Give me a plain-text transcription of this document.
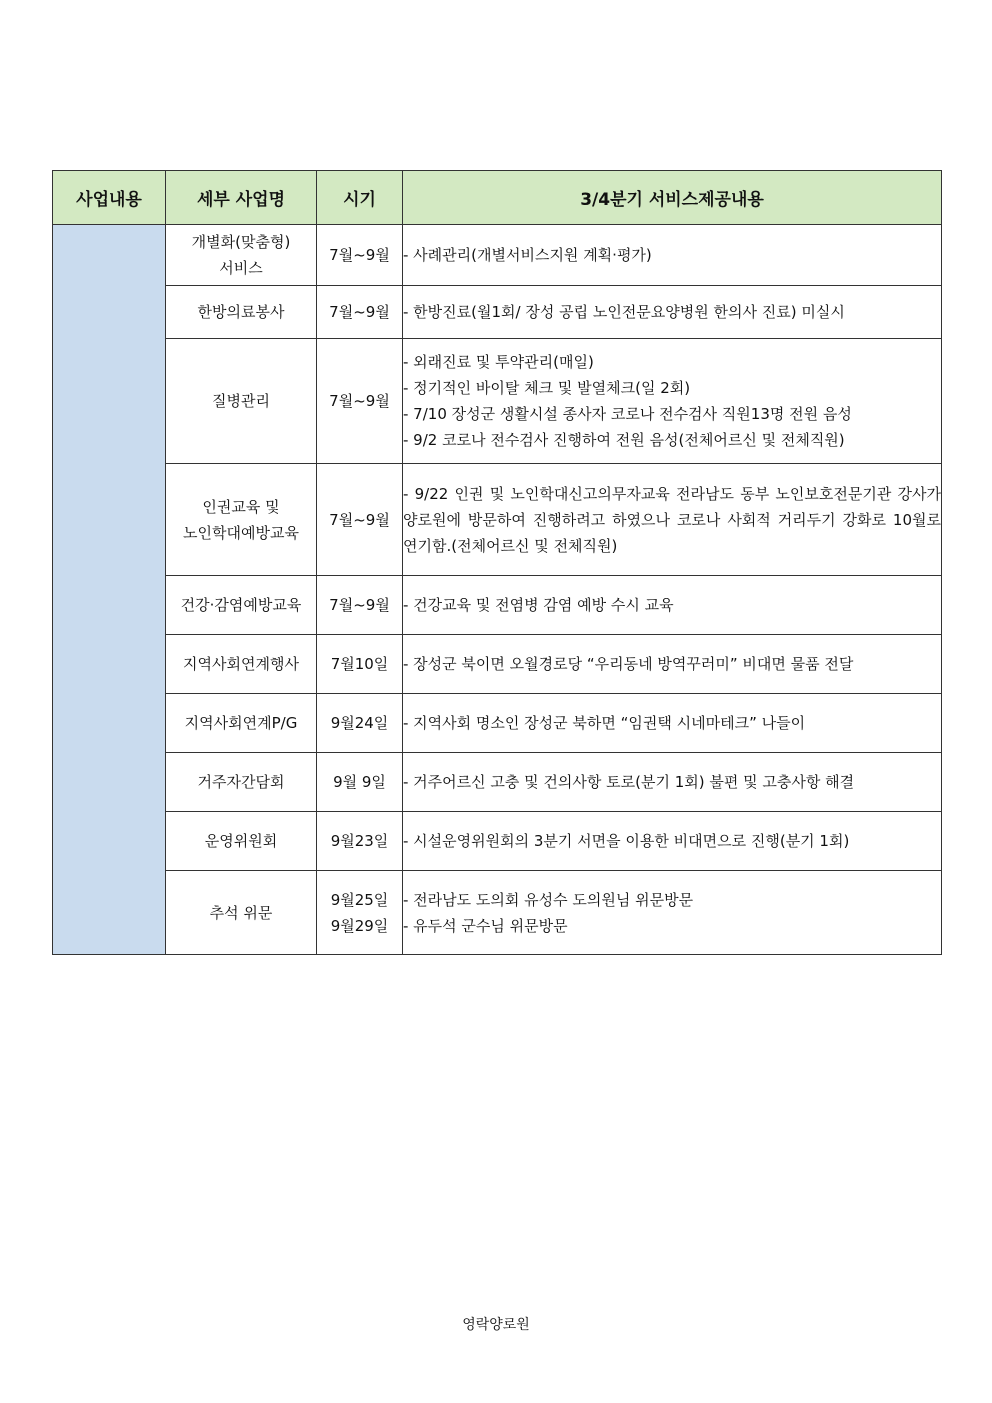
사업내용	세부 사업명	시기	3/4분기 서비스제공내용

	개별화(맞춤형)
서비스	7월~9월	- 사례관리(개별서비스지원 계획·평가)

	한방의료봉사	7월~9월	- 한방진료(월1회/ 장성 공립 노인전문요양병원 한의사 진료) 미실시

	질병관리	7월~9월	- 외래진료 및 투약관리(매일)
- 정기적인 바이탈 체크 및 발열체크(일 2회)
- 7/10 장성군 생활시설 종사자 코로나 전수검사 직원13명 전원 음성
- 9/2 코로나 전수검사 진행하여 전원 음성(전체어르신 및 전체직원)

	인권교육 및
노인학대예방교육	7월~9월	- 9/22 인권 및 노인학대신고의무자교육 전라남도 동부 노인보호전문기관 강사가 양로원에 방문하여 진행하려고 하였으나 코로나 사회적 거리두기 강화로 10월로 연기함.(전체어르신 및 전체직원)

	건강·감염예방교육	7월~9월	- 건강교육 및 전염병 감염 예방 수시 교육

	지역사회연계행사	7월10일	- 장성군 북이면 오월경로당 “우리동네 방역꾸러미” 비대면 물품 전달

	지역사회연계P/G	9월24일	- 지역사회 명소인 장성군 북하면 “임권택 시네마테크” 나들이

	거주자간담회	9월 9일	- 거주어르신 고충 및 건의사항 토로(분기 1회) 불편 및 고충사항 해결

	운영위원회	9월23일	- 시설운영위원회의 3분기 서면을 이용한 비대면으로 진행(분기 1회)

	추석 위문	9월25일
9월29일	- 전라남도 도의회 유성수 도의원님 위문방문
- 유두석 군수님 위문방문
영락양로원
